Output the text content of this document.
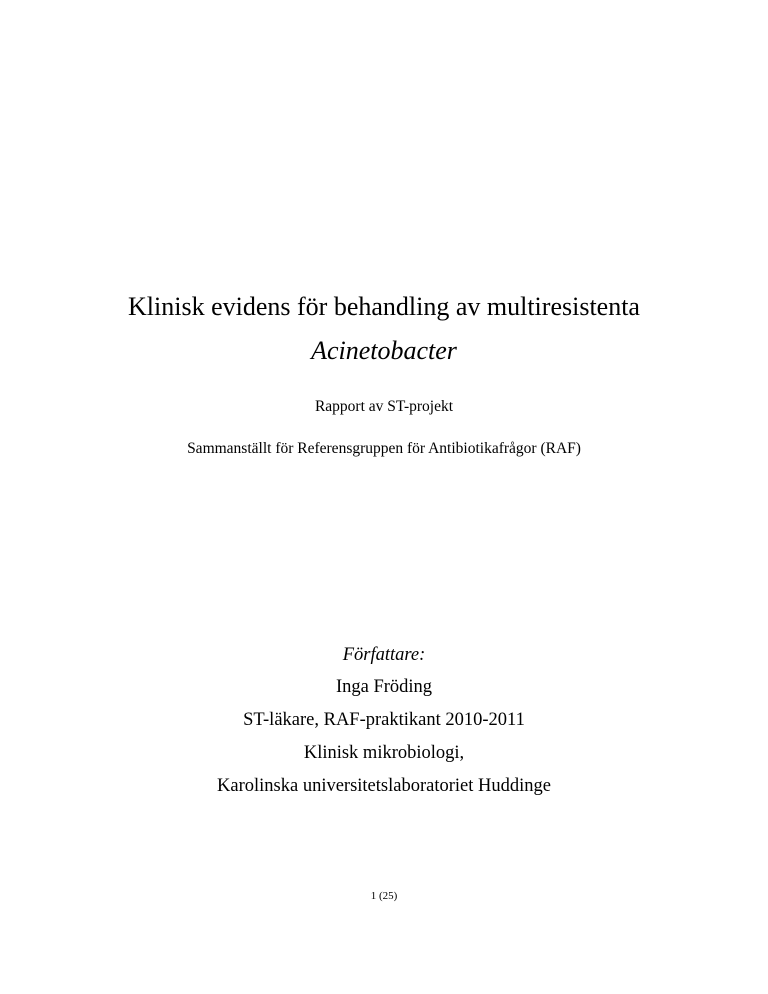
Klinisk evidens för behandling av multiresistenta
Acinetobacter
Rapport av ST-projekt
Sammanställt för Referensgruppen för Antibiotikafrågor (RAF)
Författare:
Inga Fröding
ST-läkare, RAF-praktikant 2010-2011
Klinisk mikrobiologi,
Karolinska universitetslaboratoriet Huddinge
1 (25)
